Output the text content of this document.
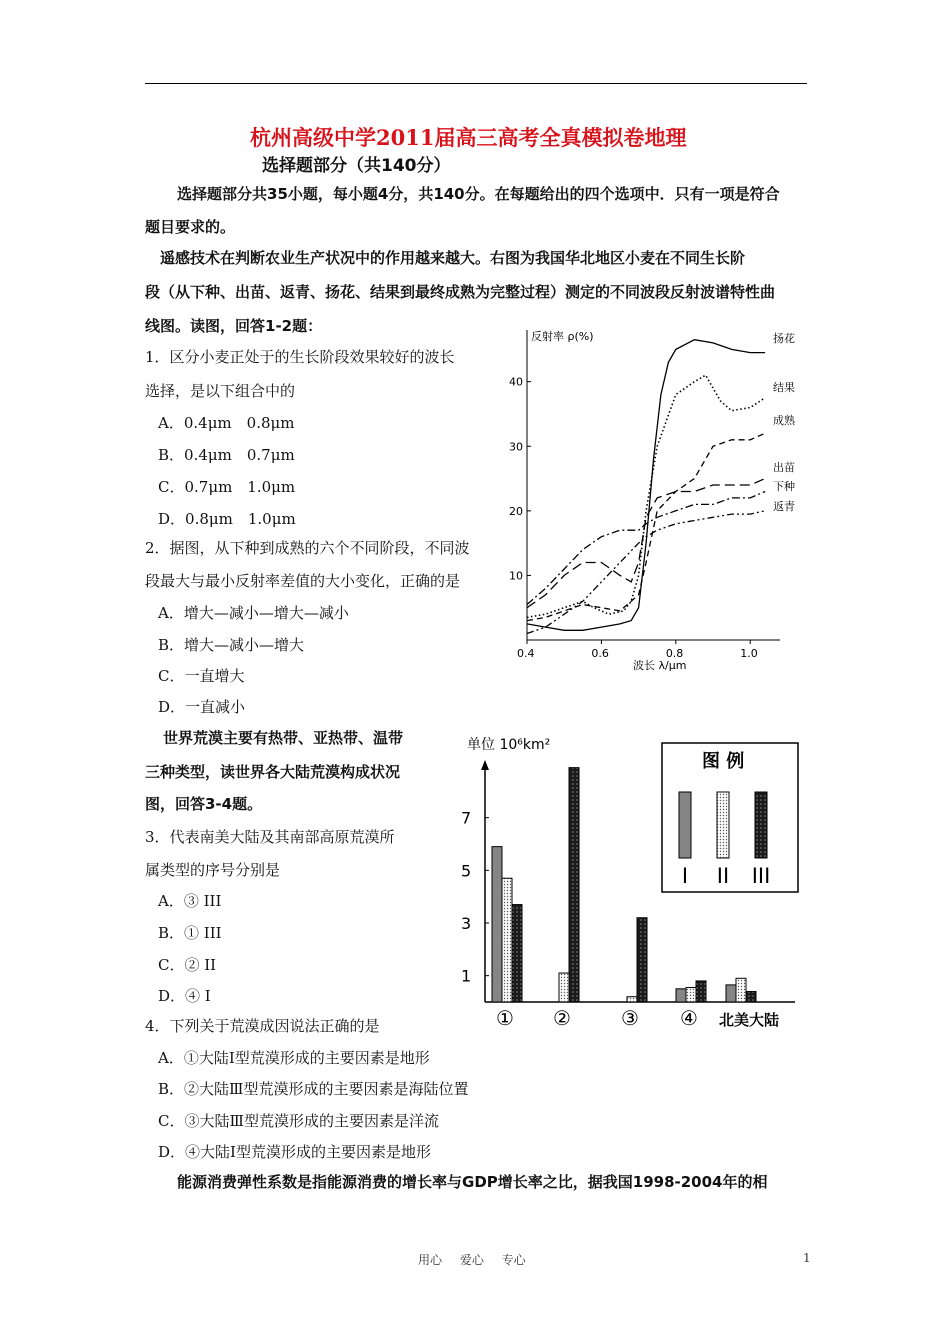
杭州高级中学2011届高三高考全真模拟卷地理
选择题部分（共140分）
选择题部分共35小题，每小题4分，共140分。在每题给出的四个选项中．只有一项是符合
题目要求的。
遥感技术在判断农业生产状况中的作用越来越大。右图为我国华北地区小麦在不同生长阶
段（从下种、出苗、返青、扬花、结果到最终成熟为完整过程）测定的不同波段反射波谱特性曲
线图。读图，回答1-2题：
1．区分小麦正处于的生长阶段效果较好的波长
选择，是以下组合中的
A．0.4μm　0.8μm
B．0.4μm　0.7μm
C．0.7μm　1.0μm
D．0.8μm　1.0μm
2．据图，从下种到成熟的六个不同阶段，不同波
段最大与最小反射率差值的大小变化，正确的是
A．增大—减小—增大—减小
B．增大—减小—增大
C．一直增大
D．一直减小
世界荒漠主要有热带、亚热带、温带
三种类型，读世界各大陆荒漠构成状况
图，回答3-4题。
3．代表南美大陆及其南部高原荒漠所
属类型的序号分别是
A．③ III
B．① III
C．② II
D．④ I
4．下列关于荒漠成因说法正确的是
A．①大陆Ⅰ型荒漠形成的主要因素是地形
B．②大陆Ⅲ型荒漠形成的主要因素是海陆位置
C．③大陆Ⅲ型荒漠形成的主要因素是洋流
D．④大陆Ⅰ型荒漠形成的主要因素是地形
能源消费弹性系数是指能源消费的增长率与GDP增长率之比，据我国1998-2004年的相
0.4	0.6	0.8	1.0
10
20
30
40
扬花
结果
成熟
出苗
下种
返青
反射率 ρ(%)
波长 λ/μm
1
3
5
7
① ②	③ ④ 北美大陆
单位 10⁶km²
图 例
I II III
用心 爱心 专心	1
